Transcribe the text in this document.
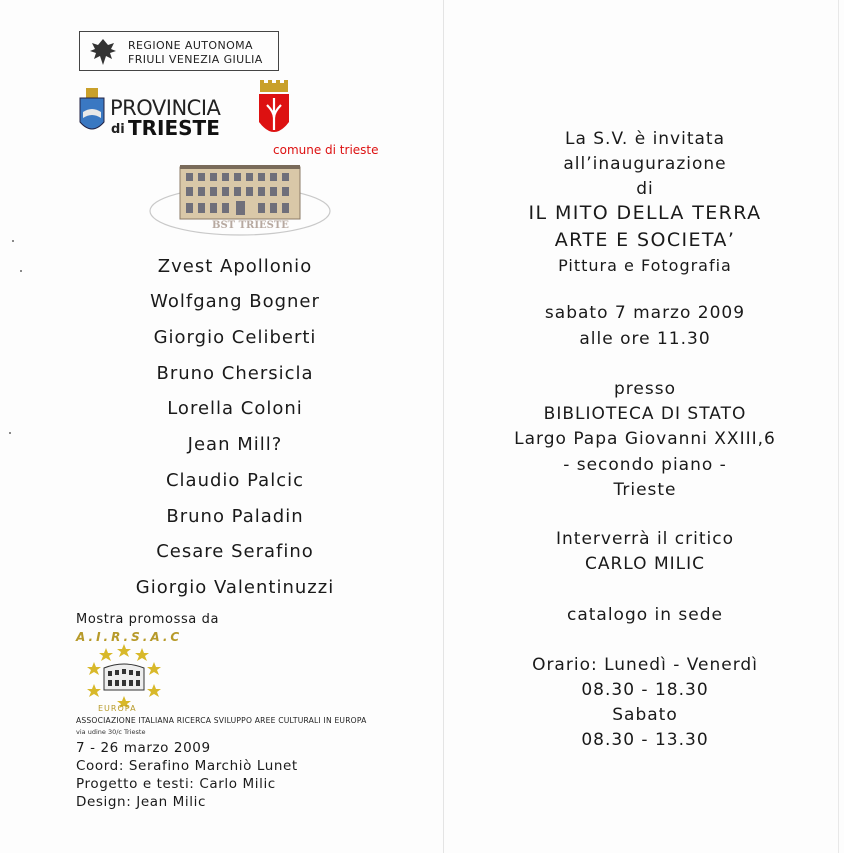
REGIONE AUTONOMA
FRIULI VENEZIA GIULIA
PROVINCIA
di TRIESTE
comune di trieste
BST TRIESTE
Zvest Apollonio
Wolfgang Bogner
Giorgio Celiberti
Bruno Chersicla
Lorella Coloni
Jean Mill?
Claudio Palcic
Bruno Paladin
Cesare Serafino
Giorgio Valentinuzzi
Mostra promossa da
A.I.R.S.A.C
EUROPA
ASSOCIAZIONE ITALIANA RICERCA SVILUPPO AREE CULTURALI IN EUROPA
via udine 30/c Trieste
7 - 26 marzo 2009
Coord: Serafino Marchiò Lunet
Progetto e testi: Carlo Milic
Design: Jean Milic
La S.V. è invitata
all’inaugurazione
di
IL MITO DELLA TERRA
ARTE E SOCIETA’
Pittura e Fotografia
sabato 7 marzo 2009
alle ore 11.30
presso
BIBLIOTECA DI STATO
Largo Papa Giovanni XXIII,6
- secondo piano -
Trieste
Interverrà il critico
CARLO MILIC
catalogo in sede
Orario: Lunedì - Venerdì
08.30 - 18.30
Sabato
08.30 - 13.30
